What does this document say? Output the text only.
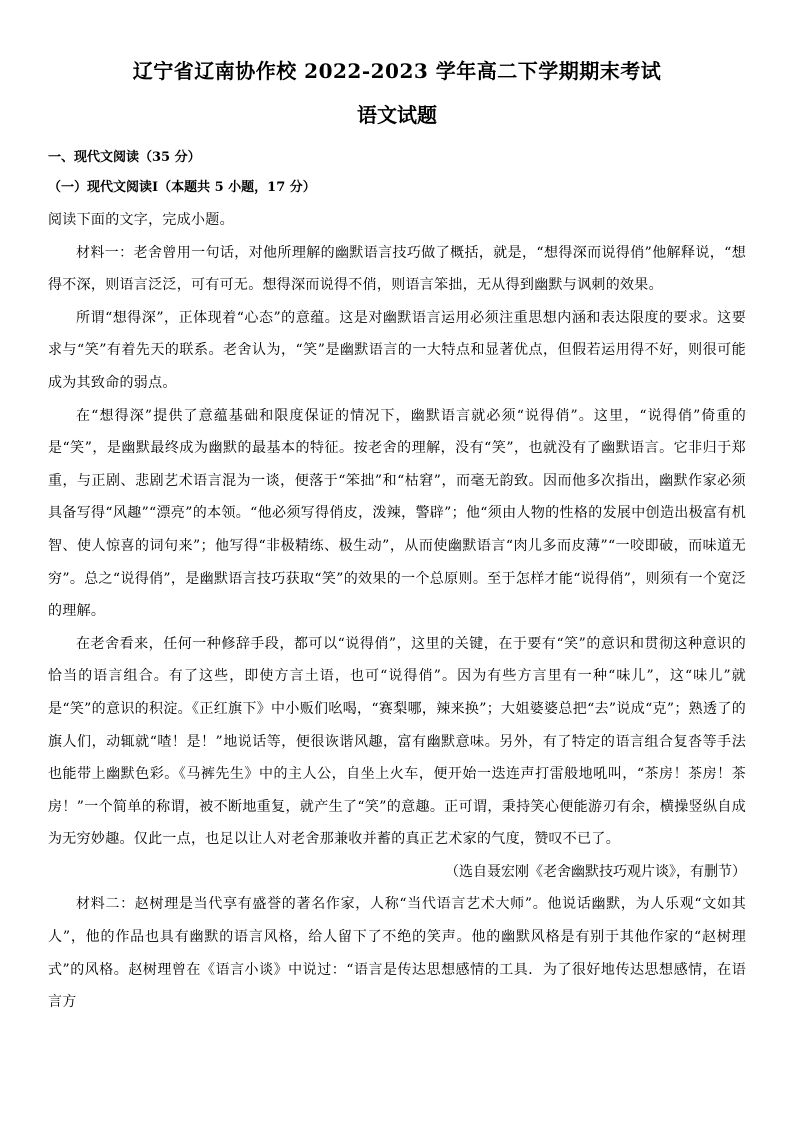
辽宁省辽南协作校 2022-2023 学年高二下学期期末考试
语文试题
一、现代文阅读（35 分）
（一）现代文阅读Ⅰ（本题共 5 小题，17 分）

阅读下面的文字，完成小题。

材料一：老舍曾用一句话，对他所理解的幽默语言技巧做了概括，就是，“想得深而说得俏”他解释说，“想得不深，则语言泛泛，可有可无。想得深而说得不俏，则语言笨拙，无从得到幽默与讽刺的效果。

所谓“想得深”，正体现着“心态”的意蕴。这是对幽默语言运用必须注重思想内涵和表达限度的要求。这要求与“笑”有着先天的联系。老舍认为，“笑”是幽默语言的一大特点和显著优点，但假若运用得不好，则很可能成为其致命的弱点。

在“想得深”提供了意蕴基础和限度保证的情况下，幽默语言就必须“说得俏”。这里，“说得俏”倚重的是“笑”，是幽默最终成为幽默的最基本的特征。按老舍的理解，没有“笑”，也就没有了幽默语言。它非归于郑重，与正剧、悲剧艺术语言混为一谈，便落于“笨拙”和“枯窘”，而毫无韵致。因而他多次指出，幽默作家必须具备写得“风趣”“漂亮”的本领。“他必须写得俏皮，泼辣，警辟”；他“须由人物的性格的发展中创造出极富有机智、使人惊喜的词句来”；他写得“非极精练、极生动”，从而使幽默语言“肉儿多而皮薄”“一咬即破，而味道无穷”。总之“说得俏”，是幽默语言技巧获取“笑”的效果的一个总原则。至于怎样才能“说得俏”，则须有一个宽泛的理解。

在老舍看来，任何一种修辞手段，都可以“说得俏”，这里的关键，在于要有“笑”的意识和贯彻这种意识的恰当的语言组合。有了这些，即使方言土语，也可“说得俏”。因为有些方言里有一种“味儿”，这“味儿”就是“笑”的意识的积淀。《正红旗下》中小贩们吆喝，“赛梨哪，辣来换”；大姐婆婆总把“去”说成“克”；熟透了的旗人们，动辄就“喳！是！”地说话等，便很诙谐风趣，富有幽默意味。另外，有了特定的语言组合复沓等手法也能带上幽默色彩。《马裤先生》中的主人公，自坐上火车，便开始一迭连声打雷般地吼叫，“茶房！茶房！茶房！”一个简单的称谓，被不断地重复，就产生了“笑”的意趣。正可谓，秉持笑心便能游刃有余，横操竖纵自成为无穷妙趣。仅此一点，也足以让人对老舍那兼收并蓄的真正艺术家的气度，赞叹不已了。

（选自聂宏刚《老舍幽默技巧观片谈》，有删节）

材料二：赵树理是当代享有盛誉的著名作家，人称“当代语言艺术大师”。他说话幽默，为人乐观“文如其人”，他的作品也具有幽默的语言风格，给人留下了不绝的笑声。他的幽默风格是有别于其他作家的“赵树理式”的风格。赵树理曾在《语言小谈》中说过：“语言是传达思想感情的工具．为了很好地传达思想感情，在语言方
